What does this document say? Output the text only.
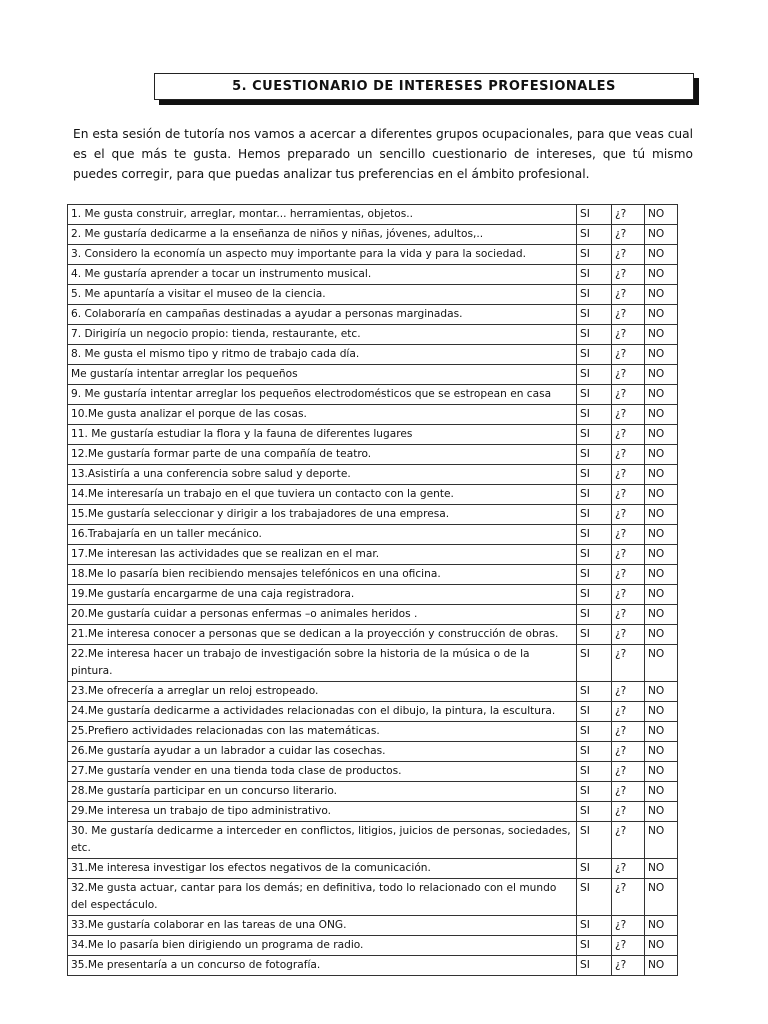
5. CUESTIONARIO DE INTERESES PROFESIONALES
En esta sesión de tutoría nos vamos a acercar a diferentes grupos ocupacionales, para que veas cual es el que más te gusta. Hemos preparado un sencillo cuestionario de intereses, que tú mismo puedes corregir, para que puedas analizar tus preferencias en el ámbito profesional.
1. Me gusta construir, arreglar, montar... herramientas, objetos..	SI	¿?	NO
2. Me gustaría dedicarme a la enseñanza de niños y niñas, jóvenes, adultos,..	SI	¿?	NO
3. Considero la economía un aspecto muy importante para la vida y para la sociedad.	SI	¿?	NO
4. Me gustaría aprender a tocar un instrumento musical.	SI	¿?	NO
5. Me apuntaría a visitar el museo de la ciencia.	SI	¿?	NO
6. Colaboraría en campañas destinadas a ayudar a personas marginadas.	SI	¿?	NO
7. Dirigiría un negocio propio: tienda, restaurante, etc.	SI	¿?	NO
8. Me gusta el mismo tipo y ritmo de trabajo cada día.	SI	¿?	NO
Me gustaría intentar arreglar los pequeños	SI	¿?	NO
9. Me gustaría intentar arreglar los pequeños electrodomésticos que se estropean en casa	SI	¿?	NO
10.Me gusta analizar el porque de las cosas.	SI	¿?	NO
11. Me gustaría estudiar la flora y la fauna de diferentes lugares	SI	¿?	NO
12.Me gustaría formar parte de una compañía de teatro.	SI	¿?	NO
13.Asistiría a una conferencia sobre salud y deporte.	SI	¿?	NO
14.Me interesaría un trabajo en el que tuviera un contacto con la gente.	SI	¿?	NO
15.Me gustaría seleccionar y dirigir a los trabajadores de una empresa.	SI	¿?	NO
16.Trabajaría en un taller mecánico.	SI	¿?	NO
17.Me interesan las actividades que se realizan en el mar.	SI	¿?	NO
18.Me lo pasaría bien recibiendo mensajes telefónicos en una oficina.	SI	¿?	NO
19.Me gustaría encargarme de una caja registradora.	SI	¿?	NO
20.Me gustaría cuidar a personas enfermas –o animales heridos .	SI	¿?	NO
21.Me interesa conocer a personas que se dedican a la proyección y construcción de obras.	SI	¿?	NO
22.Me interesa hacer un trabajo de investigación sobre la historia de la música o de la pintura.	SI	¿?	NO
23.Me ofrecería a arreglar un reloj estropeado.	SI	¿?	NO
24.Me gustaría dedicarme a actividades relacionadas con el dibujo, la pintura, la escultura.	SI	¿?	NO
25.Prefiero actividades relacionadas con las matemáticas.	SI	¿?	NO
26.Me gustaría ayudar a un labrador a cuidar las cosechas.	SI	¿?	NO
27.Me gustaría vender en una tienda toda clase de productos.	SI	¿?	NO
28.Me gustaría participar en un concurso literario.	SI	¿?	NO
29.Me interesa un trabajo de tipo administrativo.	SI	¿?	NO
30. Me gustaría dedicarme a interceder en conflictos, litigios, juicios de personas, sociedades, etc.	SI	¿?	NO
31.Me interesa investigar los efectos negativos de la comunicación.	SI	¿?	NO
32.Me gusta actuar, cantar para los demás; en definitiva, todo lo relacionado con el mundo del espectáculo.	SI	¿?	NO
33.Me gustaría colaborar en las tareas de una ONG.	SI	¿?	NO
34.Me lo pasaría bien dirigiendo un programa de radio.	SI	¿?	NO
35.Me presentaría a un concurso de fotografía.	SI	¿?	NO
